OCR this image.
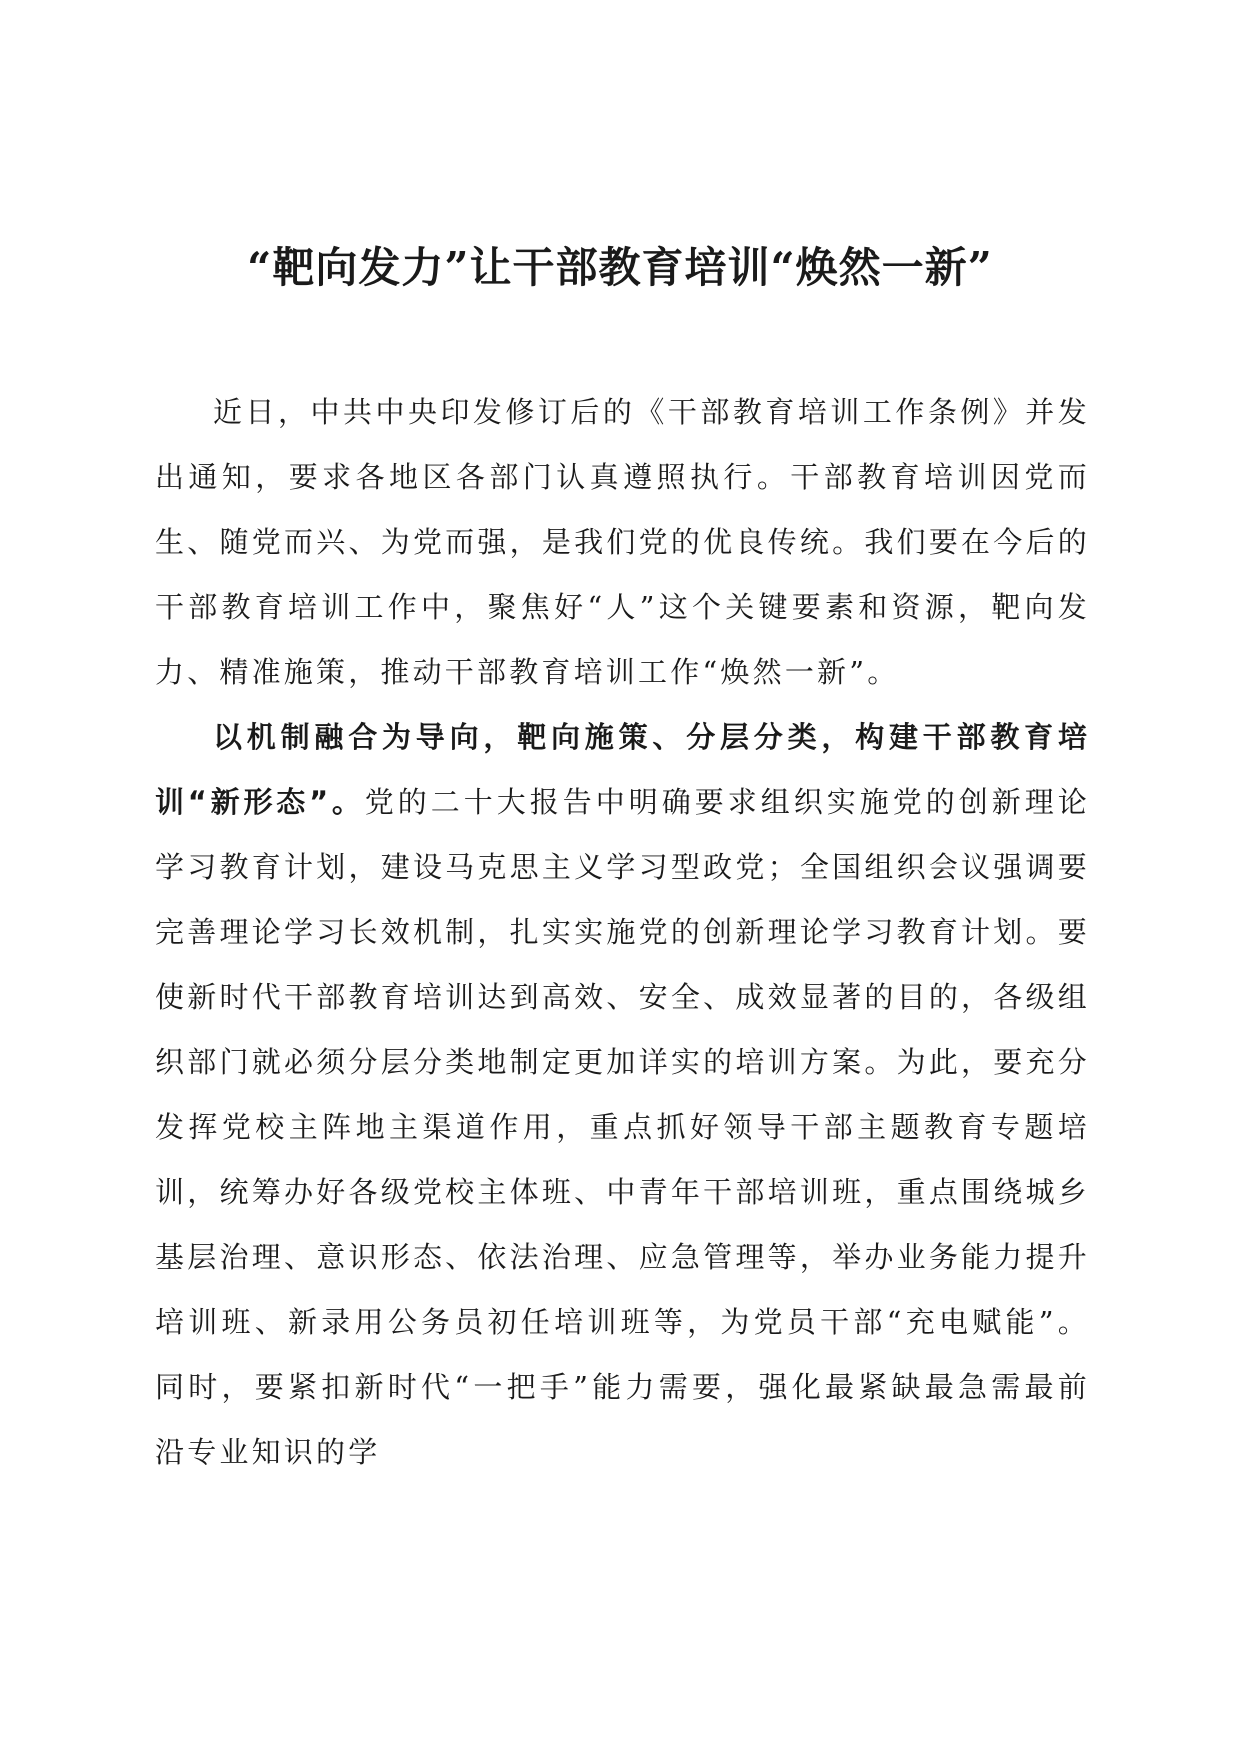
“靶向发力”让干部教育培训“焕然一新”

近日，中共中央印发修订后的《干部教育培训工作条例》并发出通知，要求各地区各部门认真遵照执行。干部教育培训因党而生、随党而兴、为党而强，是我们党的优良传统。我们要在今后的干部教育培训工作中，聚焦好“人”这个关键要素和资源，靶向发力、精准施策，推动干部教育培训工作“焕然一新”。

以机制融合为导向，靶向施策、分层分类，构建干部教育培训“新形态”。党的二十大报告中明确要求组织实施党的创新理论学习教育计划，建设马克思主义学习型政党；全国组织会议强调要完善理论学习长效机制，扎实实施党的创新理论学习教育计划。要使新时代干部教育培训达到高效、安全、成效显著的目的，各级组织部门就必须分层分类地制定更加详实的培训方案。为此，要充分发挥党校主阵地主渠道作用，重点抓好领导干部主题教育专题培训，统筹办好各级党校主体班、中青年干部培训班，重点围绕城乡基层治理、意识形态、依法治理、应急管理等，举办业务能力提升培训班、新录用公务员初任培训班等，为党员干部“充电赋能”。同时，要紧扣新时代“一把手”能力需要，强化最紧缺最急需最前沿专业知识的学
